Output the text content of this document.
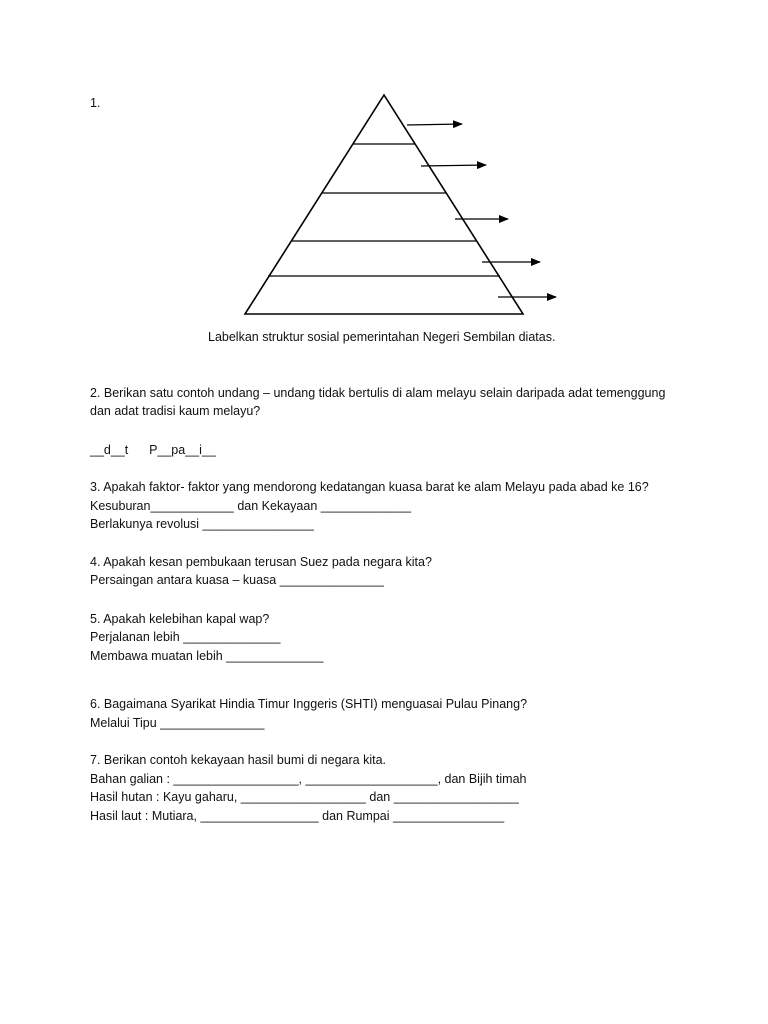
1.
Labelkan struktur sosial pemerintahan Negeri Sembilan diatas.
2. Berikan satu contoh undang – undang tidak bertulis di alam melayu selain daripada adat temenggung
dan adat tradisi kaum melayu?
__d__t      P__pa__i__
3. Apakah faktor- faktor yang mendorong kedatangan kuasa barat ke alam Melayu pada abad ke 16?
Kesuburan____________ dan Kekayaan _____________
Berlakunya revolusi ________________
4. Apakah kesan pembukaan terusan Suez pada negara kita?
Persaingan antara kuasa – kuasa _______________
5. Apakah kelebihan kapal wap?
Perjalanan lebih ______________
Membawa muatan lebih ______________
6. Bagaimana Syarikat Hindia Timur Inggeris (SHTI) menguasai Pulau Pinang?
Melalui Tipu _______________
7. Berikan contoh kekayaan hasil bumi di negara kita.
Bahan galian : __________________, ___________________, dan Bijih timah
Hasil hutan : Kayu gaharu, __________________ dan __________________
Hasil laut : Mutiara, _________________ dan Rumpai ________________
